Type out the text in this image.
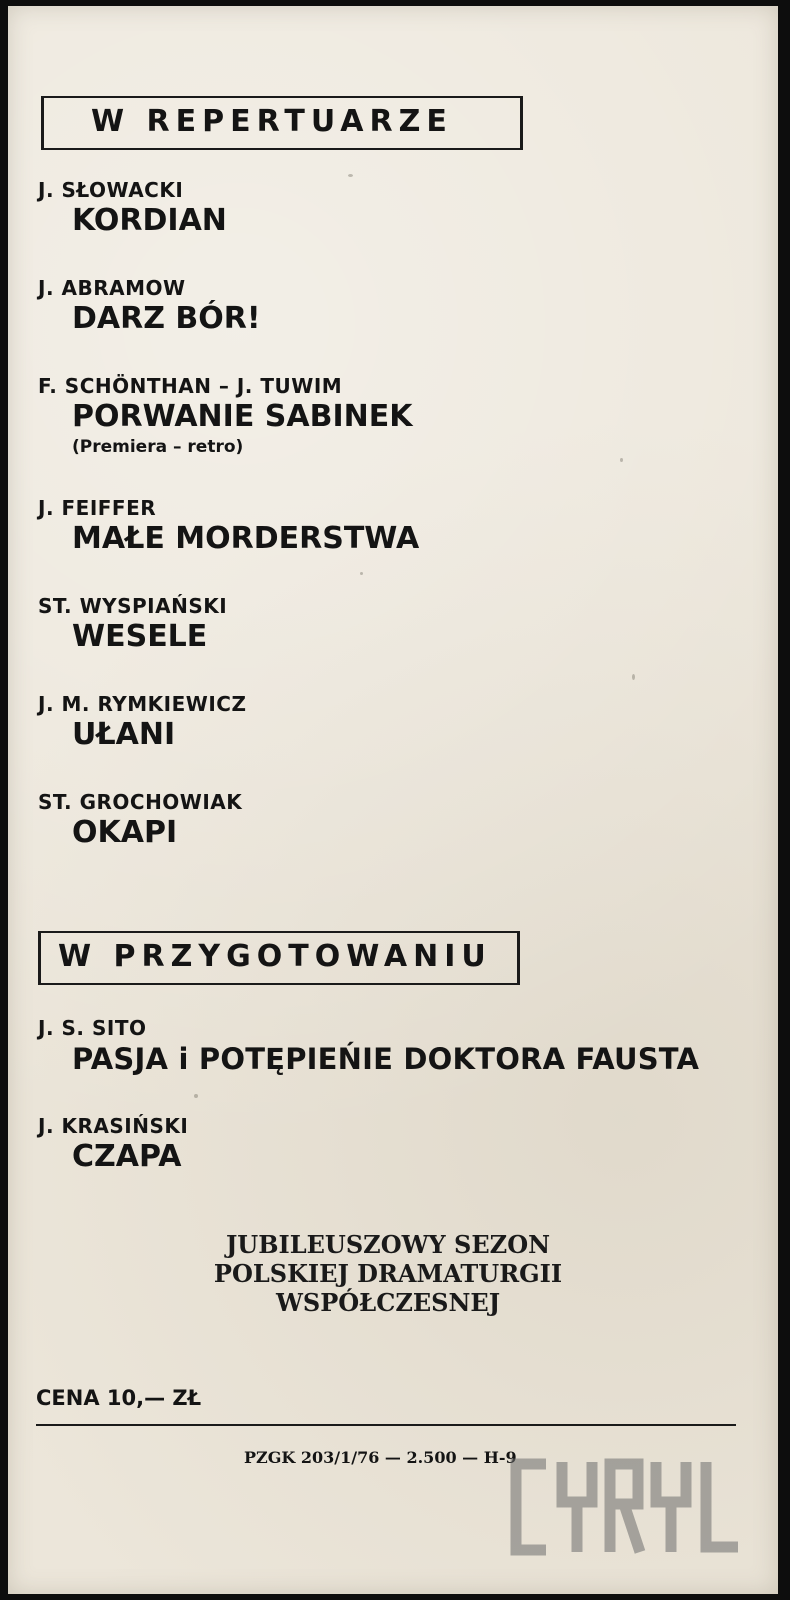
W REPERTUARZE
J. SŁOWACKI
KORDIAN
J. ABRAMOW
DARZ BÓR!
F. SCHÖNTHAN – J. TUWIM
PORWANIE SABINEK
(Premiera – retro)
J. FEIFFER
MAŁE MORDERSTWA
ST. WYSPIAŃSKI
WESELE
J. M. RYMKIEWICZ
UŁANI
ST. GROCHOWIAK
OKAPI
W PRZYGOTOWANIU
J. S. SITO
PASJA i POTĘPIEŃIE DOKTORA FAUSTA
J. KRASIŃSKI
CZAPA
JUBILEUSZOWY SEZON
POLSKIEJ DRAMATURGII
WSPÓŁCZESNEJ
CENA 10,— ZŁ
PZGK 203/1/76 — 2.500 — H-9
